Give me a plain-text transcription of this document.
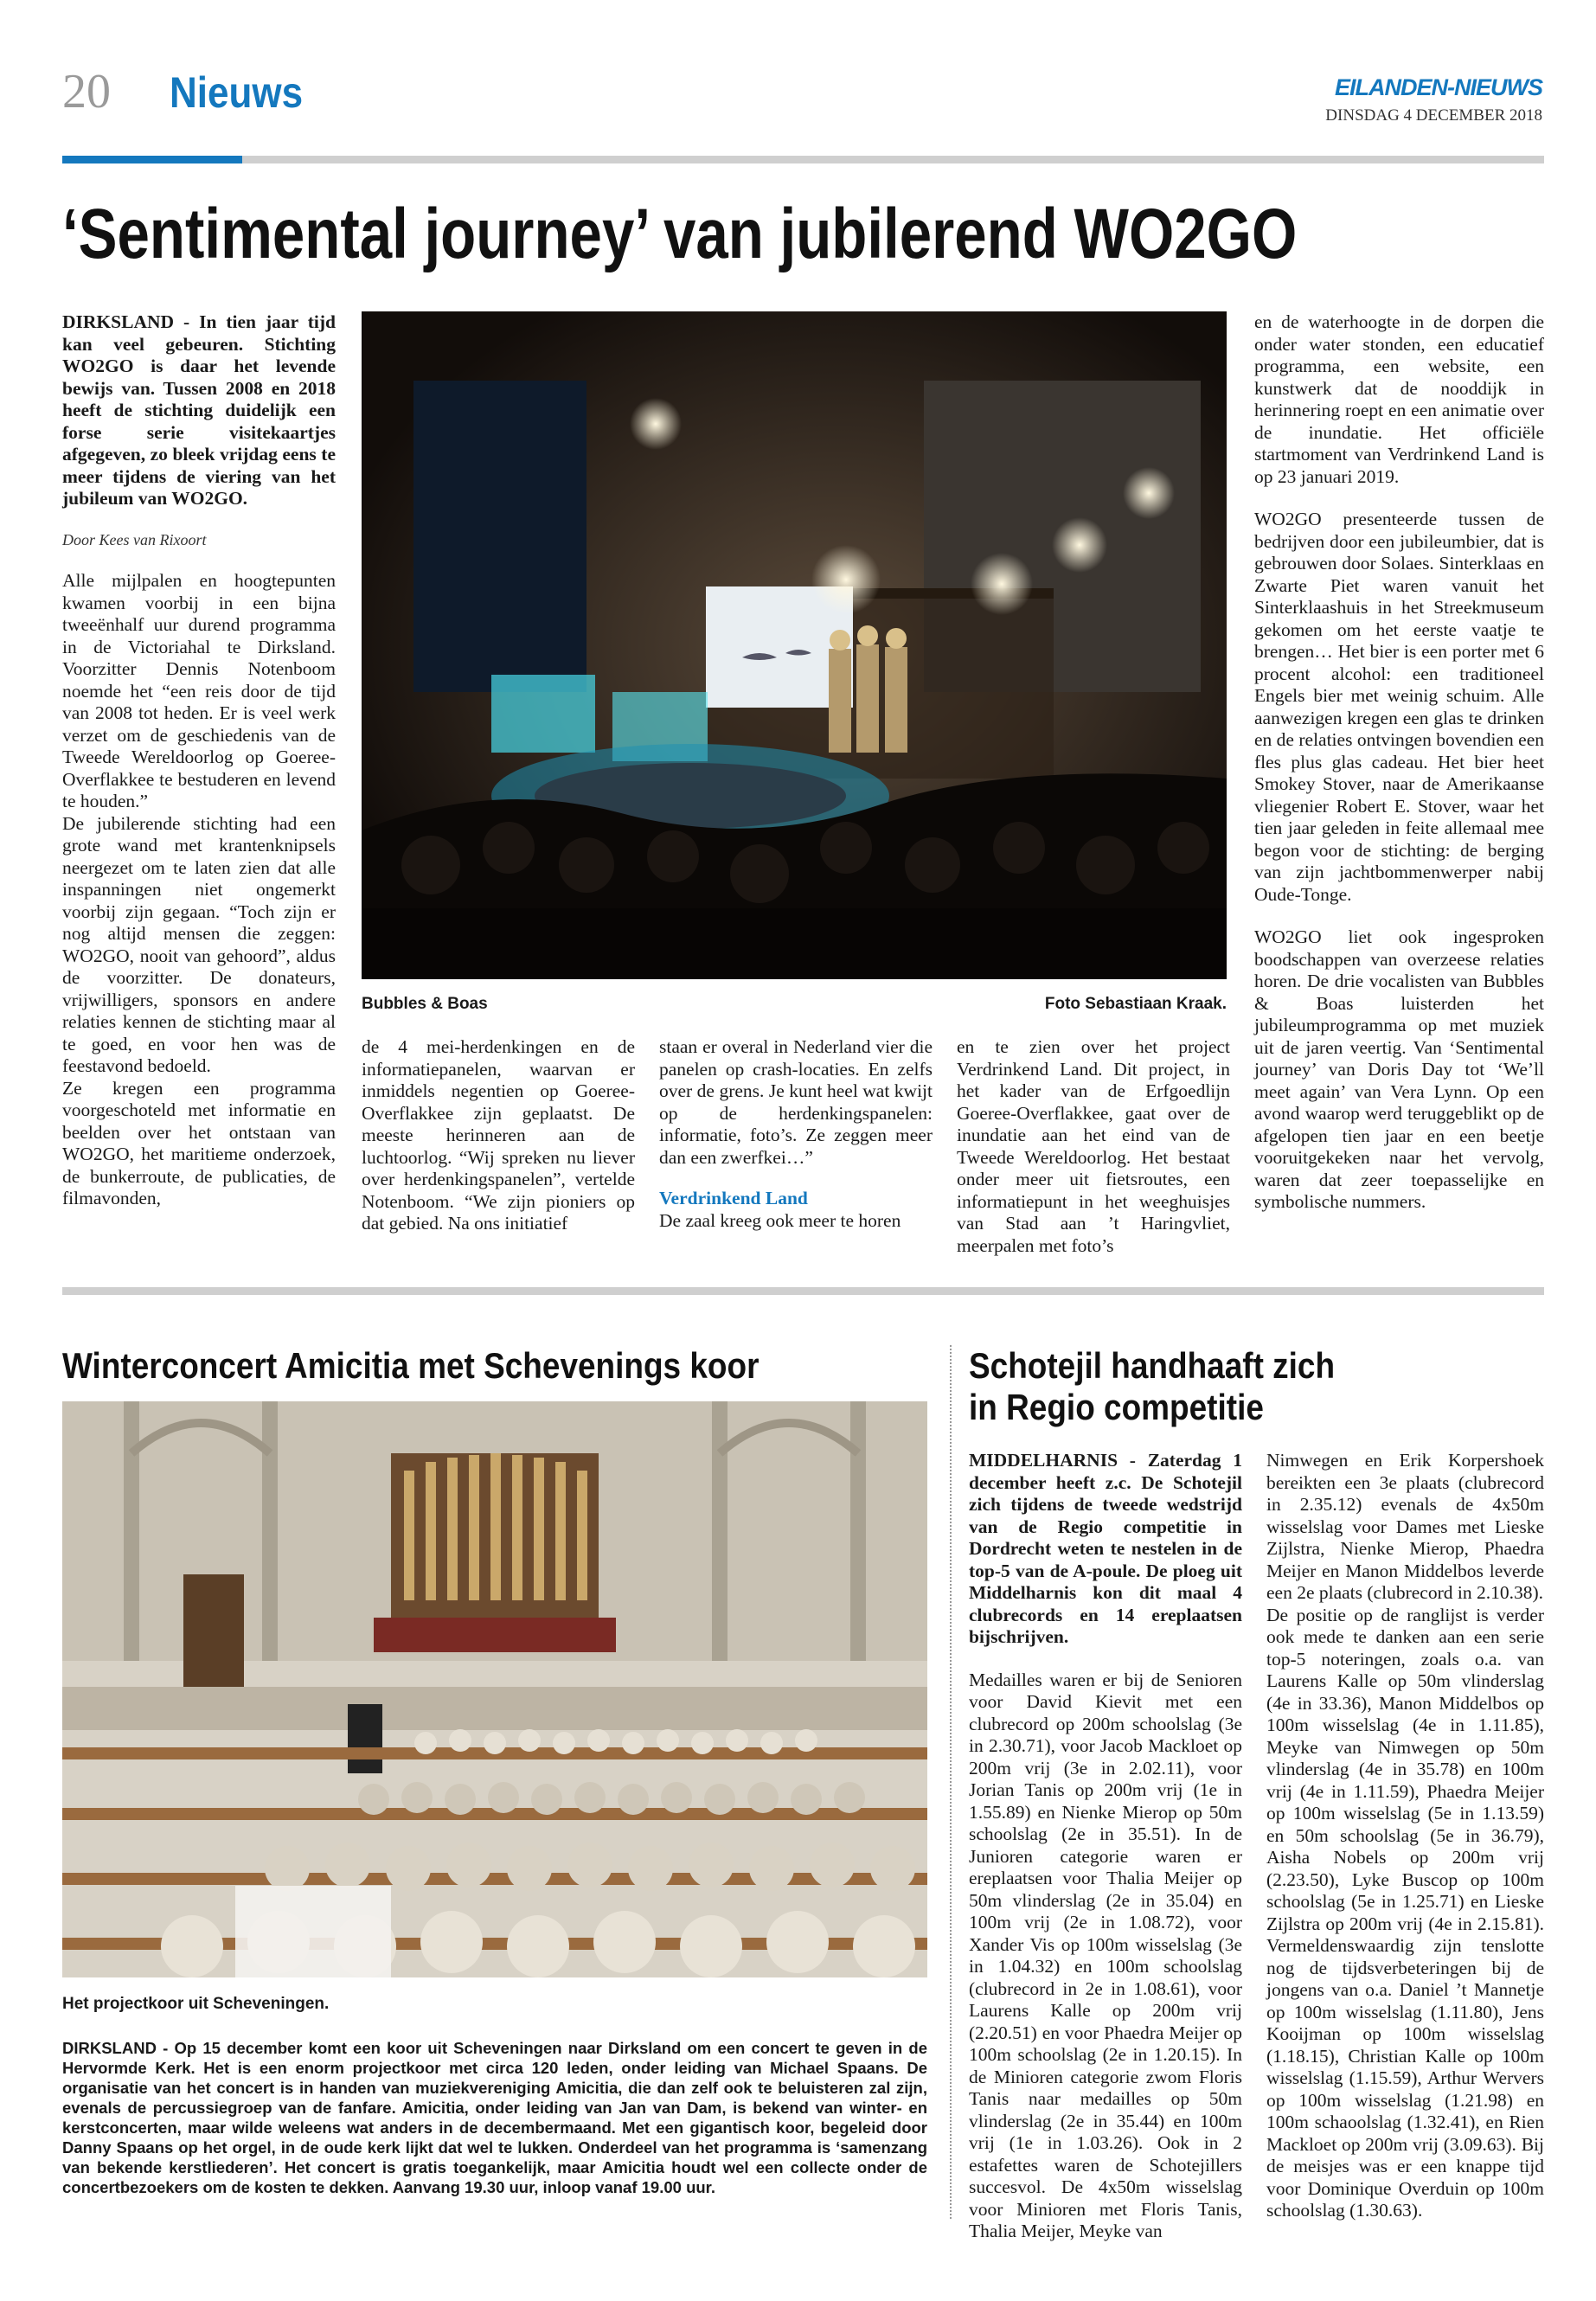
20 Nieuws	EILANDEN-NIEUWS
DINSDAG 4 DECEMBER 2018
‘Sentimental journey’ van jubilerend WO2GO

DIRKSLAND - In tien jaar tijd kan veel gebeuren. Stichting WO2GO is daar het levende bewijs van. Tussen 2008 en 2018 heeft de stichting duidelijk een forse serie visitekaartjes afgegeven, zo bleek vrijdag eens te meer tijdens de viering van het jubileum van WO2GO.

Door Kees van Rixoort

Alle mijlpalen en hoogtepunten kwamen voorbij in een bijna tweeënhalf uur durend programma in de Victoriahal te Dirksland. Voorzitter Dennis Notenboom noemde het “een reis door de tijd van 2008 tot heden. Er is veel werk verzet om de geschiedenis van de Tweede Wereldoorlog op Goeree-Overflakkee te bestuderen en levend te houden.”

De jubilerende stichting had een grote wand met krantenknipsels neergezet om te laten zien dat alle inspanningen niet ongemerkt voorbij zijn gegaan. “Toch zijn er nog altijd mensen die zeggen: WO2GO, nooit van gehoord”, aldus de voorzitter. De donateurs, vrijwilligers, sponsors en andere relaties kennen de stichting maar al te goed, en voor hen was de feestavond bedoeld.

Ze kregen een programma voorgeschoteld met informatie en beelden over het ontstaan van WO2GO, het maritieme onderzoek, de bunkerroute, de publicaties, de filmavonden,

Bubbles & Boas	Foto Sebastiaan Kraak.

de 4 mei-herdenkingen en de informatiepanelen, waarvan er inmiddels negentien op Goeree-Overflakkee zijn geplaatst. De meeste herinneren aan de luchtoorlog. “Wij spreken nu liever over herdenkingspanelen”, vertelde Notenboom. “We zijn pioniers op dat gebied. Na ons initiatief

staan er overal in Nederland vier die panelen op crash-locaties. En zelfs over de grens. Je kunt heel wat kwijt op de herdenkingspanelen: informatie, foto’s. Ze zeggen meer dan een zwerfkei…”

Verdrinkend Land

De zaal kreeg ook meer te horen

en te zien over het project Verdrinkend Land. Dit project, in het kader van de Erfgoedlijn Goeree-Overflakkee, gaat over de inundatie aan het eind van de Tweede Wereldoorlog. Het bestaat onder meer uit fietsroutes, een informatiepunt in het weeghuisjes van Stad aan ’t Haringvliet, meerpalen met foto’s

en de waterhoogte in de dorpen die onder water stonden, een educatief programma, een website, een kunstwerk dat de nooddijk in herinnering roept en een animatie over de inundatie. Het officiële startmoment van Verdrinkend Land is op 23 januari 2019.

WO2GO presenteerde tussen de bedrijven door een jubileumbier, dat is gebrouwen door Solaes. Sinterklaas en Zwarte Piet waren vanuit het Sinterklaashuis in het Streekmuseum gekomen om het eerste vaatje te brengen… Het bier is een porter met 6 procent alcohol: een traditioneel Engels bier met weinig schuim. Alle aanwezigen kregen een glas te drinken en de relaties ontvingen bovendien een fles plus glas cadeau. Het bier heet Smokey Stover, naar de Amerikaanse vliegenier Robert E. Stover, waar het tien jaar geleden in feite allemaal mee begon voor de stichting: de berging van zijn jachtbommenwerper nabij Oude-Tonge.

WO2GO liet ook ingesproken boodschappen van overzeese relaties horen. De drie vocalisten van Bubbles & Boas luisterden het jubileumprogramma op met muziek uit de jaren veertig. Van ‘Sentimental journey’ van Doris Day tot ‘We’ll meet again’ van Vera Lynn. Op een avond waarop werd teruggeblikt op de afgelopen tien jaar en een beetje vooruitgekeken naar het vervolg, waren dat zeer toepasselijke en symbolische nummers.

Winterconcert Amicitia met Schevenings koor
Het projectkoor uit Scheveningen.
DIRKSLAND - Op 15 december komt een koor uit Scheveningen naar Dirksland om een concert te geven in de Hervormde Kerk. Het is een enorm projectkoor met circa 120 leden, onder leiding van Michael Spaans. De organisatie van het concert is in handen van muziekvereniging Amicitia, die dan zelf ook te beluisteren zal zijn, evenals de percussiegroep van de fanfare. Amicitia, onder leiding van Jan van Dam, is bekend van winter- en kerstconcerten, maar wilde weleens wat anders in de decembermaand. Met een gigantisch koor, begeleid door Danny Spaans op het orgel, in de oude kerk lijkt dat wel te lukken. Onderdeel van het programma is ‘samenzang van bekende kerstliederen’. Het concert is gratis toegankelijk, maar Amicitia houdt wel een collecte onder de concertbezoekers om de kosten te dekken. Aanvang 19.30 uur, inloop vanaf 19.00 uur.
Schotejil handhaaft zich
in Regio competitie

MIDDELHARNIS - Zaterdag 1 december heeft z.c. De Schotejil zich tijdens de tweede wedstrijd van de Regio competitie in Dordrecht weten te nestelen in de top-5 van de A-poule. De ploeg uit Middelharnis kon dit maal 4 clubrecords en 14 ereplaatsen bijschrijven.

Medailles waren er bij de Senioren voor David Kievit met een clubrecord op 200m schoolslag (3e in 2.30.71), voor Jacob Mackloet op 200m vrij (3e in 2.02.11), voor Jorian Tanis op 200m vrij (1e in 1.55.89) en Nienke Mierop op 50m schoolslag (2e in 35.51). In de Junioren categorie waren er ereplaatsen voor Thalia Meijer op 50m vlinderslag (2e in 35.04) en 100m vrij (2e in 1.08.72), voor Xander Vis op 100m wisselslag (3e in 1.04.32) en 100m schoolslag (clubrecord in 2e in 1.08.61), voor Laurens Kalle op 200m vrij (2.20.51) en voor Phaedra Meijer op 100m schoolslag (2e in 1.20.15). In de Minioren categorie zwom Floris Tanis naar medailles op 50m vlinderslag (2e in 35.44) en 100m vrij (1e in 1.03.26). Ook in 2 estafettes waren de Schotejillers succesvol. De 4x50m wisselslag voor Minioren met Floris Tanis, Thalia Meijer, Meyke van

Nimwegen en Erik Korpershoek bereikten een 3e plaats (clubrecord in 2.35.12) evenals de 4x50m wisselslag voor Dames met Lieske Zijlstra, Nienke Mierop, Phaedra Meijer en Manon Middelbos leverde een 2e plaats (clubrecord in 2.10.38).

De positie op de ranglijst is verder ook mede te danken aan een serie top-5 noteringen, zoals o.a. van Laurens Kalle op 50m vlinderslag (4e in 33.36), Manon Middelbos op 100m wisselslag (4e in 1.11.85), Meyke van Nimwegen op 50m vlinderslag (4e in 35.78) en 100m vrij (4e in 1.11.59), Phaedra Meijer op 100m wisselslag (5e in 1.13.59) en 50m schoolslag (5e in 36.79), Aisha Nobels op 200m vrij (2.23.50), Lyke Buscop op 100m schoolslag (5e in 1.25.71) en Lieske Zijlstra op 200m vrij (4e in 2.15.81). Vermeldenswaardig zijn tenslotte nog de tijdsverbeteringen bij de jongens van o.a. Daniel ’t Mannetje op 100m wisselslag (1.11.80), Jens Kooijman op 100m wisselslag (1.18.15), Christian Kalle op 100m wisselslag (1.15.59), Arthur Wervers op 100m wisselslag (1.21.98) en 100m schaoolslag (1.32.41), en Rien Mackloet op 200m vrij (3.09.63). Bij de meisjes was er een knappe tijd voor Dominique Overduin op 100m schoolslag (1.30.63).
